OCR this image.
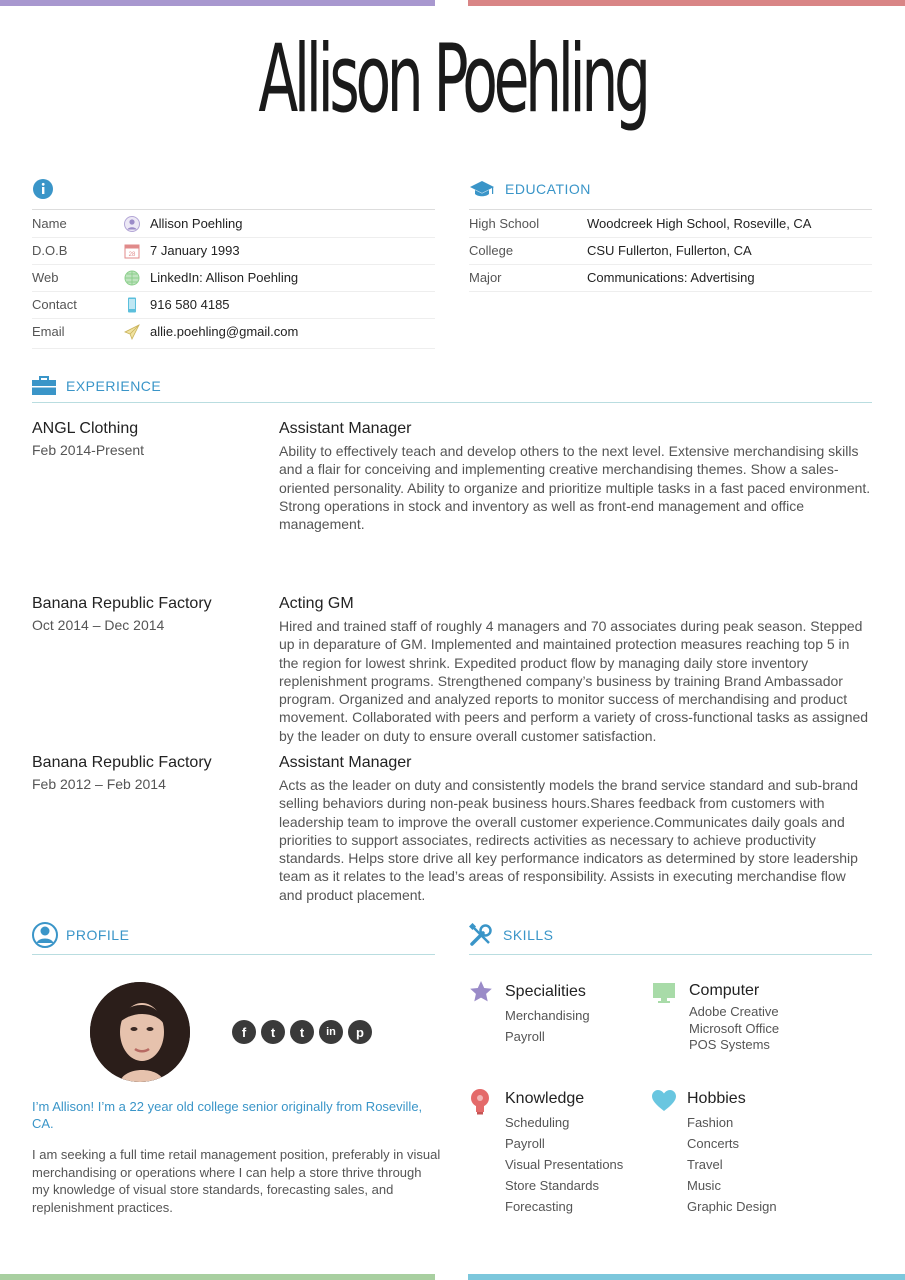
Allison Poehling
Name	Allison Poehling
D.O.B	28 7 January 1993
Web	LinkedIn: Allison Poehling
Contact	916 580 4185
Email	allie.poehling@gmail.com
EDUCATION
High School	Woodcreek High School, Roseville, CA
College	CSU Fullerton, Fullerton, CA
Major	Communications: Advertising
EXPERIENCE
ANGL Clothing
Feb 2014-Present
Assistant Manager

Ability to effectively teach and develop others to the next level. Extensive merchandising skills and a flair for conceiving and implementing creative merchandising themes. Show a sales-oriented personality. Ability to organize and prioritize multiple tasks in a fast paced environment. Strong operations in stock and inventory as well as front-end management and office management.

Banana Republic Factory
Oct 2014 – Dec 2014
Acting GM

Hired and trained staff of roughly 4 managers and 70 associates during peak season. Stepped up in deparature of GM. Implemented and maintained protection measures reaching top 5 in the region for lowest shrink. Expedited product flow by managing daily store inventory replenishment programs. Strengthened company’s business by training Brand Ambassador program. Organized and analyzed reports to monitor success of merchandising and product movement. Collaborated with peers and perform a variety of cross-functional tasks as assigned by the leader on duty to ensure overall customer satisfaction.

Banana Republic Factory
Feb 2012 – Feb 2014
Assistant Manager

Acts as the leader on duty and consistently models the brand service standard and sub-brand selling behaviors during non-peak business hours.Shares feedback from customers with leadership team to improve the overall customer experience.Communicates daily goals and priorities to support associates, redirects activities as necessary to achieve productivity standards. Helps store drive all key performance indicators as determined by store leadership team as it relates to the lead’s areas of responsibility. Assists in executing merchandise flow and product placement.

PROFILE
f	t	t	in	p

I’m Allison! I’m a 22 year old college senior originally from Roseville, CA.

I am seeking a full time retail management position, preferably in visual merchandising or operations where I can help a store thrive through my knowledge of visual store standards, forecasting sales, and replenishment practices.

SKILLS
Specialities
Merchandising
Payroll
Computer
Adobe Creative
Microsoft Office
POS Systems
Knowledge
Scheduling
Payroll
Visual Presentations
Store Standards
Forecasting
Hobbies
Fashion
Concerts
Travel
Music
Graphic Design
